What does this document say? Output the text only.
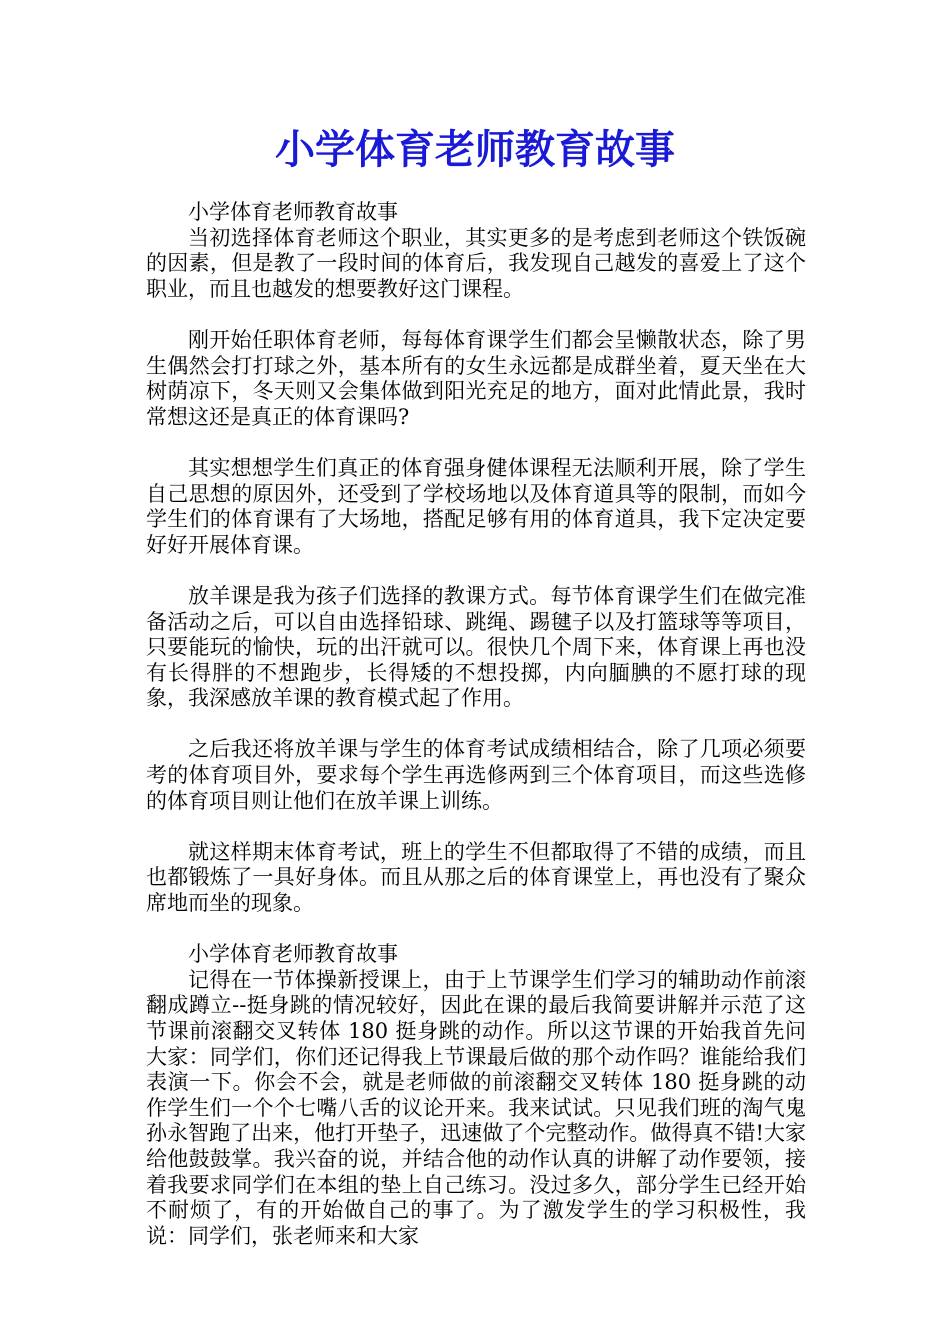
小学体育老师教育故事

小学体育老师教育故事

当初选择体育老师这个职业，其实更多的是考虑到老师这个铁饭碗的因素，但是教了一段时间的体育后，我发现自己越发的喜爱上了这个职业，而且也越发的想要教好这门课程。

刚开始任职体育老师，每每体育课学生们都会呈懒散状态，除了男生偶然会打打球之外，基本所有的女生永远都是成群坐着，夏天坐在大树荫凉下，冬天则又会集体做到阳光充足的地方，面对此情此景，我时常想这还是真正的体育课吗?

其实想想学生们真正的体育强身健体课程无法顺利开展，除了学生自己思想的原因外，还受到了学校场地以及体育道具等的限制，而如今学生们的体育课有了大场地，搭配足够有用的体育道具，我下定决定要好好开展体育课。

放羊课是我为孩子们选择的教课方式。每节体育课学生们在做完准备活动之后，可以自由选择铅球、跳绳、踢毽子以及打篮球等等项目，只要能玩的愉快，玩的出汗就可以。很快几个周下来，体育课上再也没有长得胖的不想跑步，长得矮的不想投掷，内向腼腆的不愿打球的现象，我深感放羊课的教育模式起了作用。

之后我还将放羊课与学生的体育考试成绩相结合，除了几项必须要考的体育项目外，要求每个学生再选修两到三个体育项目，而这些选修的体育项目则让他们在放羊课上训练。

就这样期末体育考试，班上的学生不但都取得了不错的成绩，而且也都锻炼了一具好身体。而且从那之后的体育课堂上，再也没有了聚众席地而坐的现象。

小学体育老师教育故事

记得在一节体操新授课上，由于上节课学生们学习的辅助动作前滚翻成蹲立--挺身跳的情况较好，因此在课的最后我简要讲解并示范了这节课前滚翻交叉转体 180 挺身跳的动作。所以这节课的开始我首先问大家：同学们，你们还记得我上节课最后做的那个动作吗？谁能给我们表演一下。你会不会，就是老师做的前滚翻交叉转体 180 挺身跳的动作学生们一个个七嘴八舌的议论开来。我来试试。只见我们班的淘气鬼孙永智跑了出来，他打开垫子，迅速做了个完整动作。做得真不错!大家给他鼓鼓掌。我兴奋的说，并结合他的动作认真的讲解了动作要领，接着我要求同学们在本组的垫上自己练习。没过多久，部分学生已经开始不耐烦了，有的开始做自己的事了。为了激发学生的学习积极性，我说：同学们，张老师来和大家
